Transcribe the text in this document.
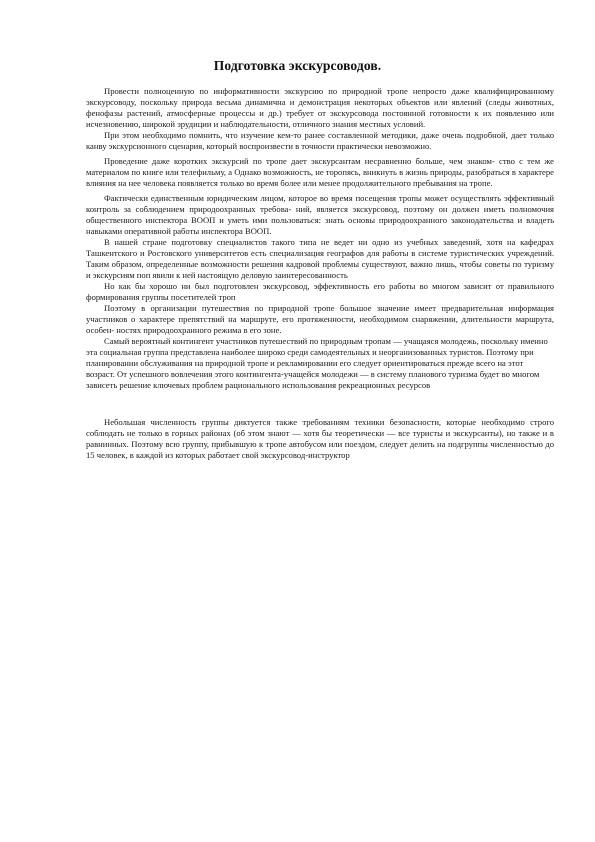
Подготовка экскурсоводов.

Провести полноценную по информативности экскурсию по природной тропе непросто даже квалифицированному экскурсоводу, поскольку природа весьма динамична и демонстрация некоторых объектов или явлений (следы животных, фенофазы растений, атмосферные процессы и др.) требует от экскурсовода постоянной готовности к их появлению или исчезновению, широкой эрудиции и наблюдательности, отличного знания местных условий.

При этом необходимо помнить, что изучение кем-то ранее составленной методики, даже очень подробной, дает только канву экскурсионного сценария, который воспроизвести в точности практически невозможно.

Проведение даже коротких экскурсий по тропе дает экскурсантам несравненно больше, чем знаком- ство с тем же материалом по книге или телефильму, а Однако возможность, не торопясь, вникнуть в жизнь природы, разобраться в характере влияния на нее человека появляется только во время более или менее продолжительного пребывания на тропе.

Фактически единственным юридическим лицом, которое во время посещения тропы может осуществлять эффективный контроль за соблюдением природоохранных требова- ний, является экскурсовод, поэтому он должен иметь полномочия общественного инспектора ВООП и уметь ими пользоваться: знать основы природоохранного законодательства и владеть навыками оперативной работы инспектора ВООП.

В нашей стране подготовку специалистов такого типа не ведет ни одно из учебных заведений, хотя на кафедрах Ташкентского и Ростовского университетов есть специализация географов для работы в системе туристических учреждений. Таким образом, определенные возможности решения кадровой проблемы существуют, важно лишь, чтобы советы по туризму и экскурсиям поп явили к ней настоящую деловую заинтересованность

Но как бы хорошо ни был подготовлен экскурсовод, эффективность его работы во многом зависит от правильного формирования группы посетителей троп

Поэтому в организации путешествия по природной тропе большое значение имеет предварительная информация участников о характере препятствий на маршруте, его протяженности, необходимом снаряжении, длительности маршрута, особен- ностях природоохранного режима в его зоне.

Самый вероятный контингент участников путешествий по природным тропам — учащаяся молодежь, поскольку именно эта социальная группа представлена наиболее широко среди самодеятельных и неорганизованных туристов. Поэтому при планировании обслуживания на природной тропе и рекламировании его следует ориентироваться прежде всего на этот возраст. От успешного вовлечения этого контингента-учащейся молодежи — в систему планового туризма будет во многом зависеть решение ключевых проблем рационального использования рекреационных ресурсов

Небольшая численность группы диктуется также требованиям техники безопасности, которые необходимо строго соблюдать не только в горных районах (об этом знают — хотя бы теоретически — все туристы и экскурсанты), но также и в равнинных. Поэтому всю группу, прибывшую к тропе автобусом или поездом, следует делить на подгруппы численностью до 15 человек, в каждой из которых работает свой экскурсовод-инструктор
